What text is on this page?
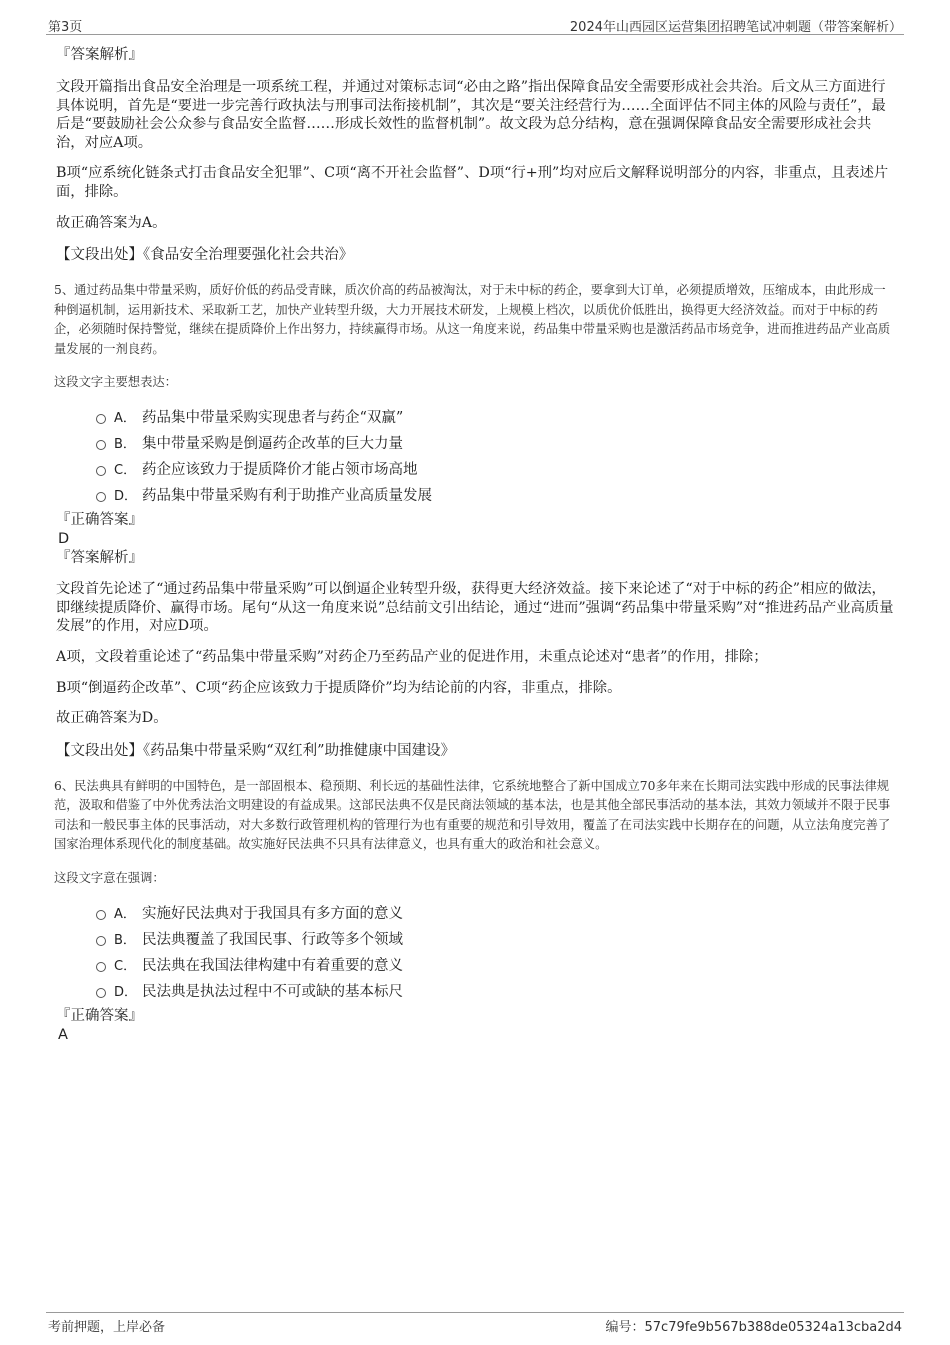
第3页	2024年山西园区运营集团招聘笔试冲刺题（带答案解析）

『答案解析』

文段开篇指出食品安全治理是一项系统工程，并通过对策标志词“必由之路”指出保障食品安全需要形成社会共治。后文从三方面进行具体说明，首先是“要进一步完善行政执法与刑事司法衔接机制”，其次是“要关注经营行为……全面评估不同主体的风险与责任”，最后是“要鼓励社会公众参与食品安全监督……形成长效性的监督机制”。故文段为总分结构，意在强调保障食品安全需要形成社会共治，对应A项。

B项“应系统化链条式打击食品安全犯罪”、C项“离不开社会监督”、D项“行+刑”均对应后文解释说明部分的内容，非重点，且表述片面，排除。

故正确答案为A。

【文段出处】《食品安全治理要强化社会共治》

5、通过药品集中带量采购，质好价低的药品受青睐，质次价高的药品被淘汰，对于未中标的药企，要拿到大订单，必须提质增效，压缩成本，由此形成一种倒逼机制，运用新技术、采取新工艺，加快产业转型升级，大力开展技术研发，上规模上档次，以质优价低胜出，换得更大经济效益。而对于中标的药企，必须随时保持警觉，继续在提质降价上作出努力，持续赢得市场。从这一角度来说，药品集中带量采购也是激活药品市场竞争，进而推进药品产业高质量发展的一剂良药。

这段文字主要想表达：

A． 药品集中带量采购实现患者与药企“双赢”
B． 集中带量采购是倒逼药企改革的巨大力量
C． 药企应该致力于提质降价才能占领市场高地
D． 药品集中带量采购有利于助推产业高质量发展

『正确答案』

D

『答案解析』

文段首先论述了“通过药品集中带量采购”可以倒逼企业转型升级，获得更大经济效益。接下来论述了“对于中标的药企”相应的做法，即继续提质降价、赢得市场。尾句“从这一角度来说”总结前文引出结论，通过“进而”强调“药品集中带量采购”对“推进药品产业高质量发展”的作用，对应D项。

A项，文段着重论述了“药品集中带量采购”对药企乃至药品产业的促进作用，未重点论述对“患者”的作用，排除；

B项“倒逼药企改革”、C项“药企应该致力于提质降价”均为结论前的内容，非重点，排除。

故正确答案为D。

【文段出处】《药品集中带量采购“双红利”助推健康中国建设》

6、民法典具有鲜明的中国特色，是一部固根本、稳预期、利长远的基础性法律，它系统地整合了新中国成立70多年来在长期司法实践中形成的民事法律规范，汲取和借鉴了中外优秀法治文明建设的有益成果。这部民法典不仅是民商法领域的基本法，也是其他全部民事活动的基本法，其效力领域并不限于民事司法和一般民事主体的民事活动，对大多数行政管理机构的管理行为也有重要的规范和引导效用，覆盖了在司法实践中长期存在的问题，从立法角度完善了国家治理体系现代化的制度基础。故实施好民法典不只具有法律意义，也具有重大的政治和社会意义。

这段文字意在强调：

A． 实施好民法典对于我国具有多方面的意义
B． 民法典覆盖了我国民事、行政等多个领域
C． 民法典在我国法律构建中有着重要的意义
D． 民法典是执法过程中不可或缺的基本标尺

『正确答案』

A

考前押题，上岸必备	编号：57c79fe9b567b388de05324a13cba2d4
